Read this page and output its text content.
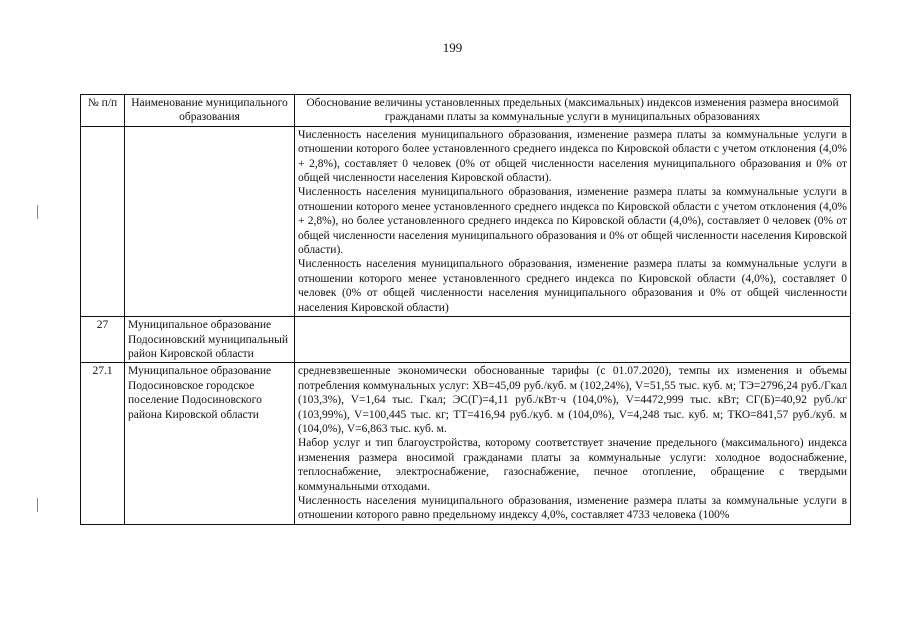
199
№ п/п	Наименование муниципального образования	Обоснование величины установленных предельных (максимальных) индексов изменения размера вносимой гражданами платы за коммунальные услуги в муниципальных образованиях

		Численность населения муниципального образования, изменение размера платы за коммунальные услуги в отношении которого более установленного среднего индекса по Кировской области с учетом отклонения (4,0% + 2,8%), составляет 0 человек (0% от общей численности населения муниципального образования и 0% от общей численности населения Кировской области).
Численность населения муниципального образования, изменение размера платы за коммунальные услуги в отношении которого менее установленного среднего индекса по Кировской области с учетом отклонения (4,0% + 2,8%), но более установленного среднего индекса по Кировской области (4,0%), составляет 0 человек (0% от общей численности населения муниципального образования и 0% от общей численности населения Кировской области).
Численность населения муниципального образования, изменение размера платы за коммунальные услуги в отношении которого менее установленного среднего индекса по Кировской области (4,0%), составляет 0 человек (0% от общей численности населения муниципального образования и 0% от общей численности населения Кировской области)

27	Муниципальное образование Подосиновский муниципальный район Кировской области	
27.1	Муниципальное образование Подосиновское городское поселение Подосиновского района Кировской области	средневзвешенные экономически обоснованные тарифы (с 01.07.2020), темпы их изменения и объемы потребления коммунальных услуг: ХВ=45,09 руб./куб. м (102,24%), V=51,55 тыс. куб. м; ТЭ=2796,24 руб./Гкал (103,3%), V=1,64 тыс. Гкал; ЭС(Г)=4,11 руб./кВт·ч (104,0%), V=4472,999 тыс. кВт; СГ(Б)=40,92 руб./кг (103,99%), V=100,445 тыс. кг; ТТ=416,94 руб./куб. м (104,0%), V=4,248 тыс. куб. м; ТКО=841,57 руб./куб. м (104,0%), V=6,863 тыс. куб. м.
Набор услуг и тип благоустройства, которому соответствует значение предельного (максимального) индекса изменения размера вносимой гражданами платы за коммунальные услуги: холодное водоснабжение, теплоснабжение, электроснабжение, газоснабжение, печное отопление, обращение с твердыми коммунальными отходами.
Численность населения муниципального образования, изменение размера платы за коммунальные услуги в отношении которого равно предельному индексу 4,0%, составляет 4733 человека (100%
